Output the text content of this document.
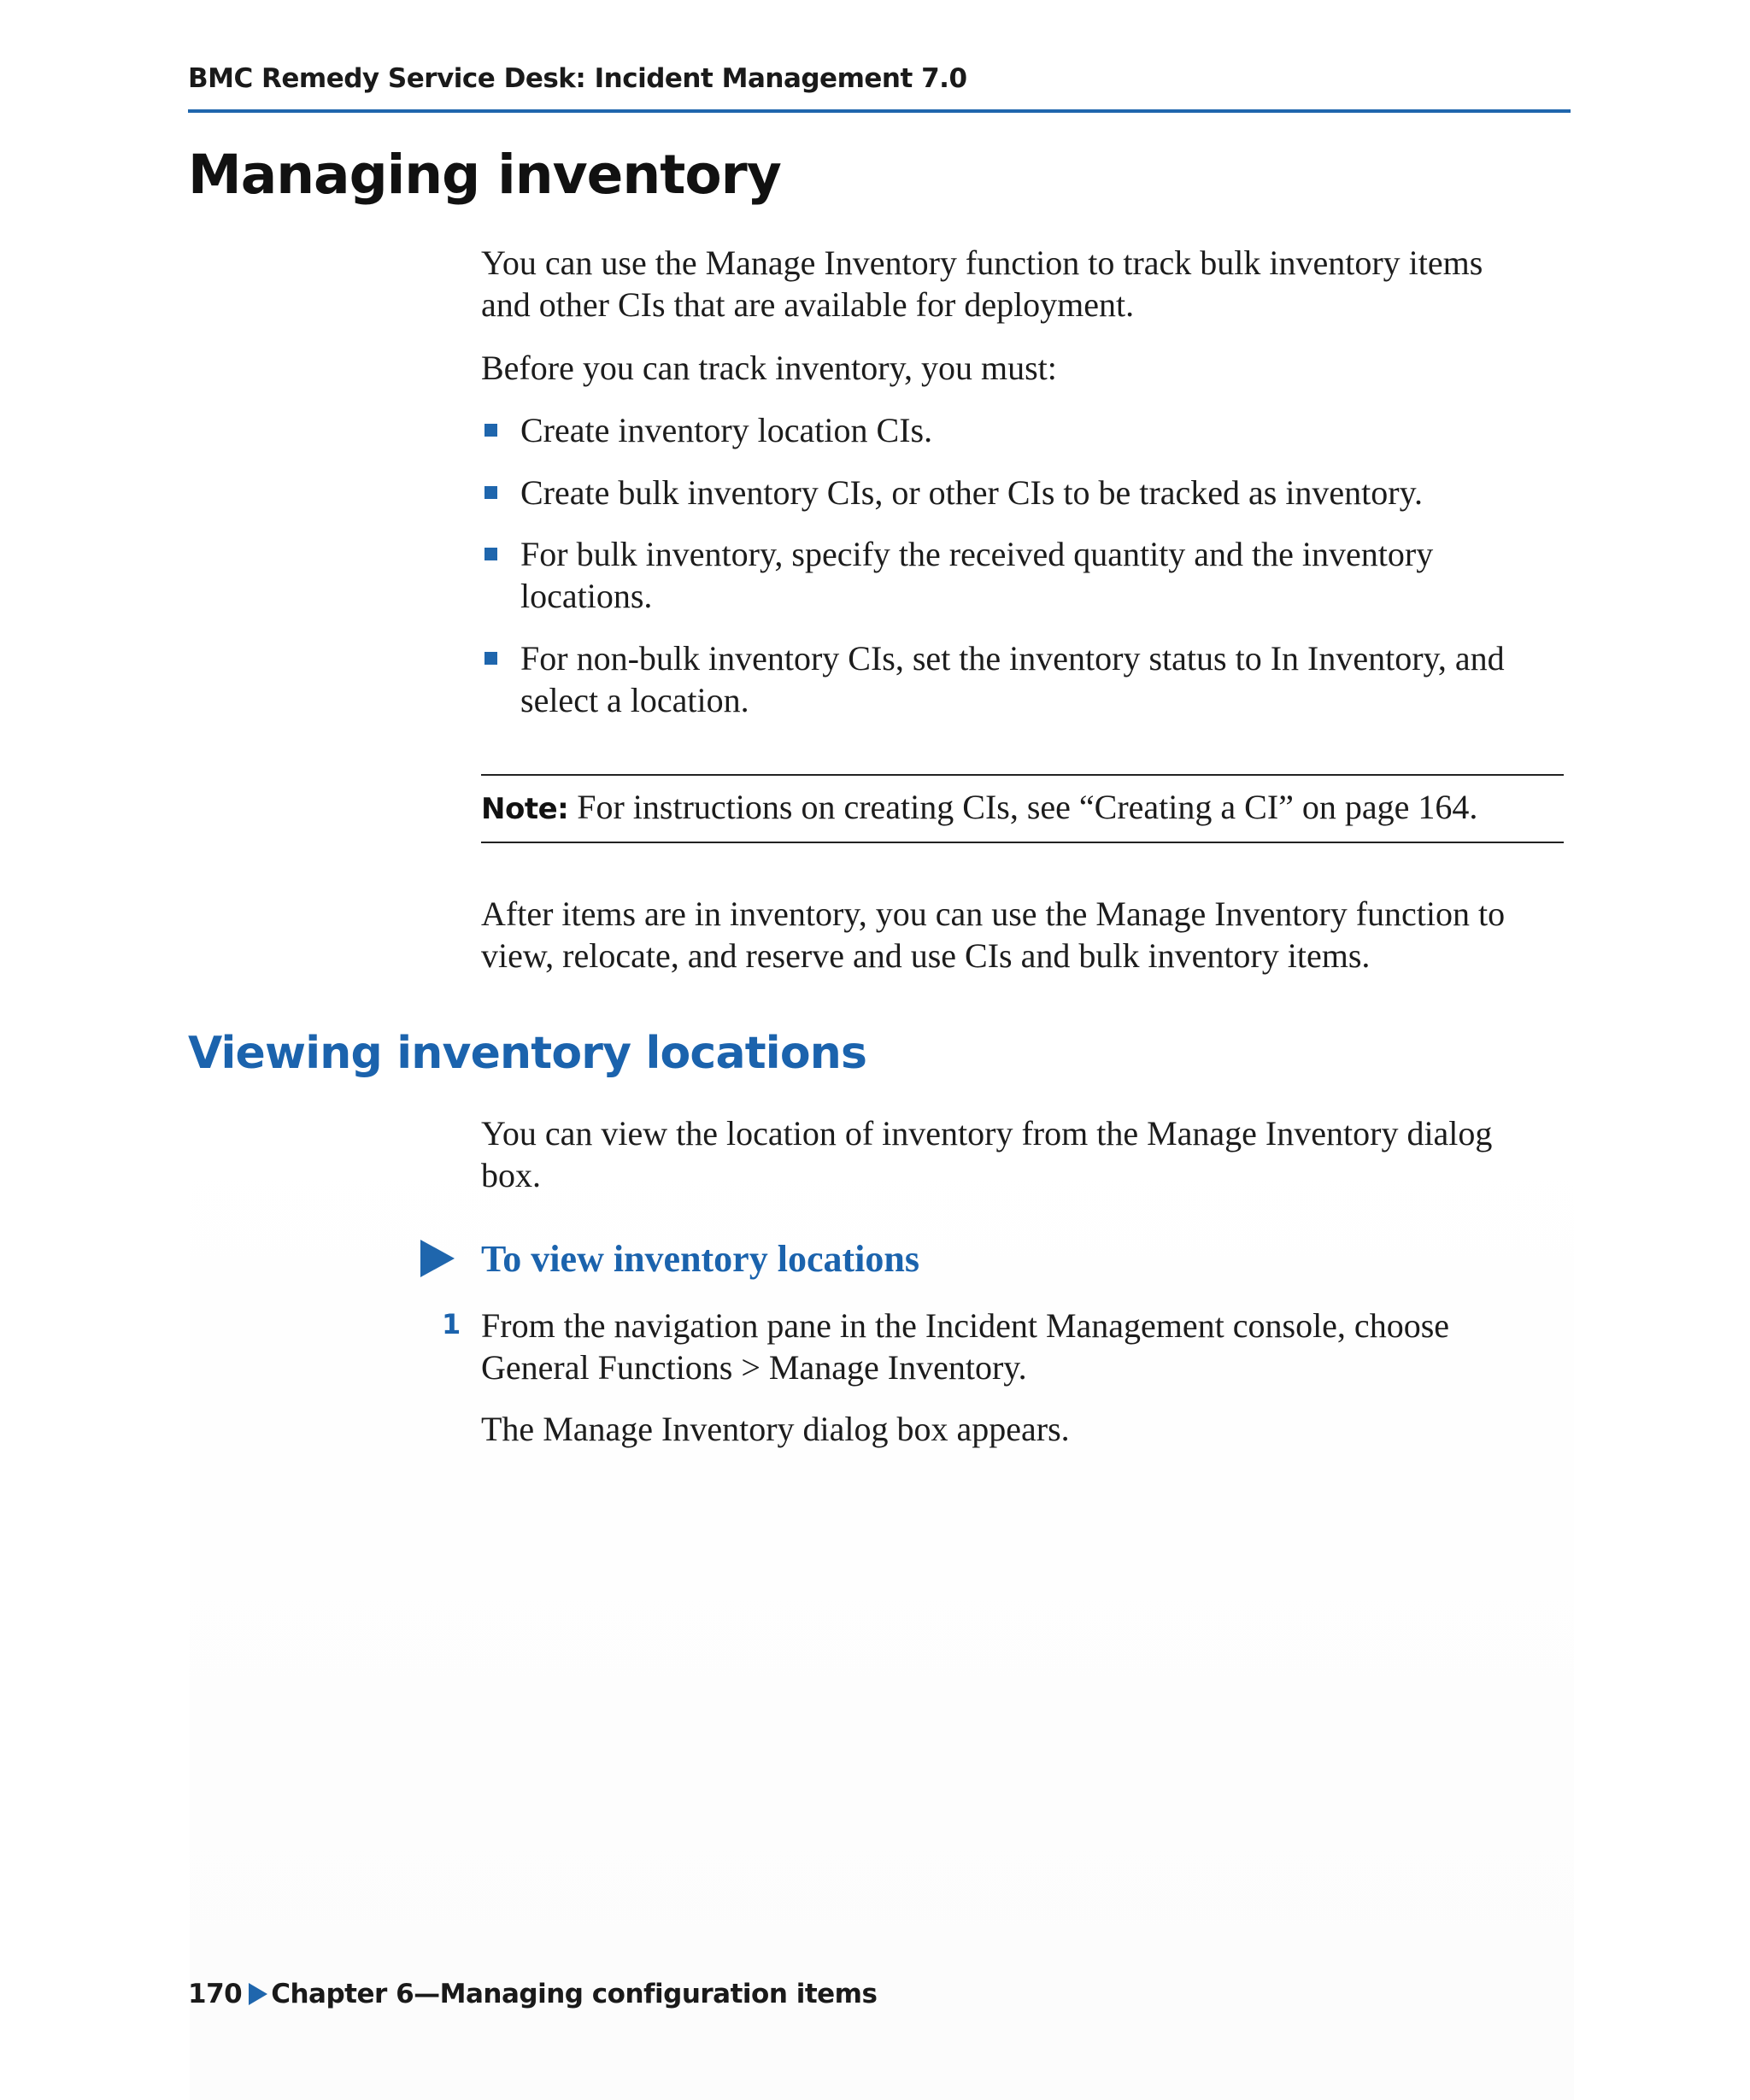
BMC Remedy Service Desk: Incident Management 7.0
Managing inventory
You can use the Manage Inventory function to track bulk inventory items
and other CIs that are available for deployment.
Before you can track inventory, you must:
Create inventory location CIs.
Create bulk inventory CIs, or other CIs to be tracked as inventory.
For bulk inventory, specify the received quantity and the inventory
locations.
For non-bulk inventory CIs, set the inventory status to In Inventory, and
select a location.
Note: For instructions on creating CIs, see “Creating a CI” on page 164.
After items are in inventory, you can use the Manage Inventory function to
view, relocate, and reserve and use CIs and bulk inventory items.
Viewing inventory locations
You can view the location of inventory from the Manage Inventory dialog
box.
To view inventory locations
1 From the navigation pane in the Incident Management console, choose
General Functions > Manage Inventory.
The Manage Inventory dialog box appears.
170 Chapter 6—Managing configuration items
